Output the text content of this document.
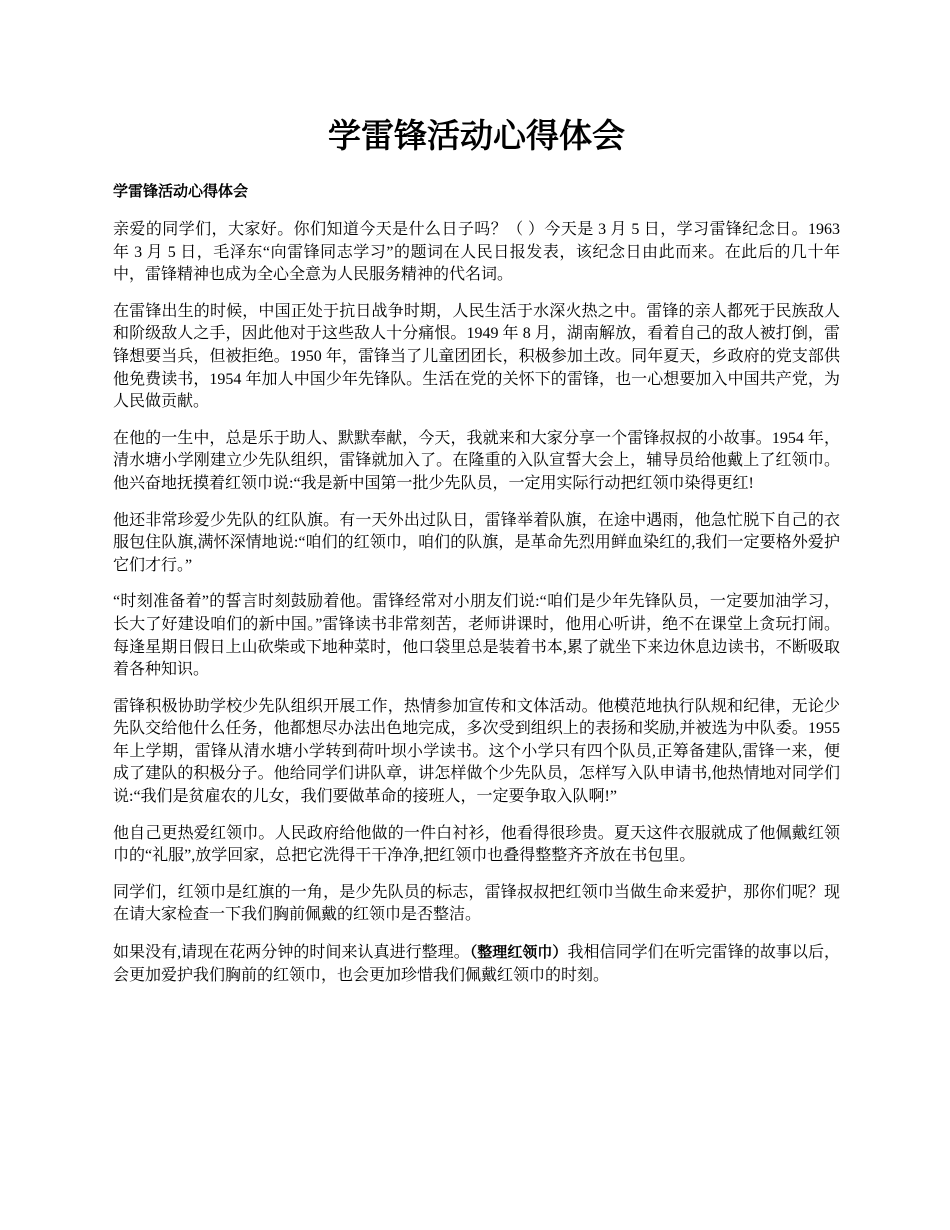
学雷锋活动心得体会
学雷锋活动心得体会

亲爱的同学们，大家好。你们知道今天是什么日子吗？（ ）今天是 3 月 5 日，学习雷锋纪念日。1963 年 3 月 5 日，毛泽东“向雷锋同志学习”的题词在人民日报发表，该纪念日由此而来。在此后的几十年中，雷锋精神也成为全心全意为人民服务精神的代名词。

在雷锋出生的时候，中国正处于抗日战争时期，人民生活于水深火热之中。雷锋的亲人都死于民族敌人和阶级敌人之手，因此他对于这些敌人十分痛恨。1949 年 8 月，湖南解放，看着自己的敌人被打倒，雷锋想要当兵，但被拒绝。1950 年，雷锋当了儿童团团长，积极参加土改。同年夏天，乡政府的党支部供他免费读书，1954 年加人中国少年先锋队。生活在党的关怀下的雷锋，也一心想要加入中国共产党，为人民做贡献。

在他的一生中，总是乐于助人、默默奉献，今天，我就来和大家分享一个雷锋叔叔的小故事。1954 年，清水塘小学刚建立少先队组织，雷锋就加入了。在隆重的入队宣誓大会上，辅导员给他戴上了红领巾。他兴奋地抚摸着红领巾说:“我是新中国第一批少先队员，一定用实际行动把红领巾染得更红!

他还非常珍爱少先队的红队旗。有一天外出过队日，雷锋举着队旗，在途中遇雨，他急忙脱下自己的衣服包住队旗,满怀深情地说:“咱们的红领巾，咱们的队旗，是革命先烈用鲜血染红的,我们一定要格外爱护它们才行。”

“时刻准备着”的誓言时刻鼓励着他。雷锋经常对小朋友们说:“咱们是少年先锋队员，一定要加油学习，长大了好建设咱们的新中国。”雷锋读书非常刻苦，老师讲课时，他用心听讲，绝不在课堂上贪玩打闹。每逢星期日假日上山砍柴或下地种菜时，他口袋里总是装着书本,累了就坐下来边休息边读书，不断吸取着各种知识。

雷锋积极协助学校少先队组织开展工作，热情参加宣传和文体活动。他模范地执行队规和纪律，无论少先队交给他什么任务，他都想尽办法出色地完成，多次受到组织上的表扬和奖励,并被选为中队委。1955 年上学期，雷锋从清水塘小学转到荷叶坝小学读书。这个小学只有四个队员,正筹备建队,雷锋一来，便成了建队的积极分子。他给同学们讲队章，讲怎样做个少先队员，怎样写入队申请书,他热情地对同学们说:“我们是贫雇农的儿女，我们要做革命的接班人，一定要争取入队啊!”

他自己更热爱红领巾。人民政府给他做的一件白衬衫，他看得很珍贵。夏天这件衣服就成了他佩戴红领巾的“礼服”,放学回家，总把它洗得干干净净,把红领巾也叠得整整齐齐放在书包里。

同学们，红领巾是红旗的一角，是少先队员的标志，雷锋叔叔把红领巾当做生命来爱护，那你们呢？现在请大家检查一下我们胸前佩戴的红领巾是否整洁。

如果没有,请现在花两分钟的时间来认真进行整理。（整理红领巾）我相信同学们在听完雷锋的故事以后，会更加爱护我们胸前的红领巾，也会更加珍惜我们佩戴红领巾的时刻。
